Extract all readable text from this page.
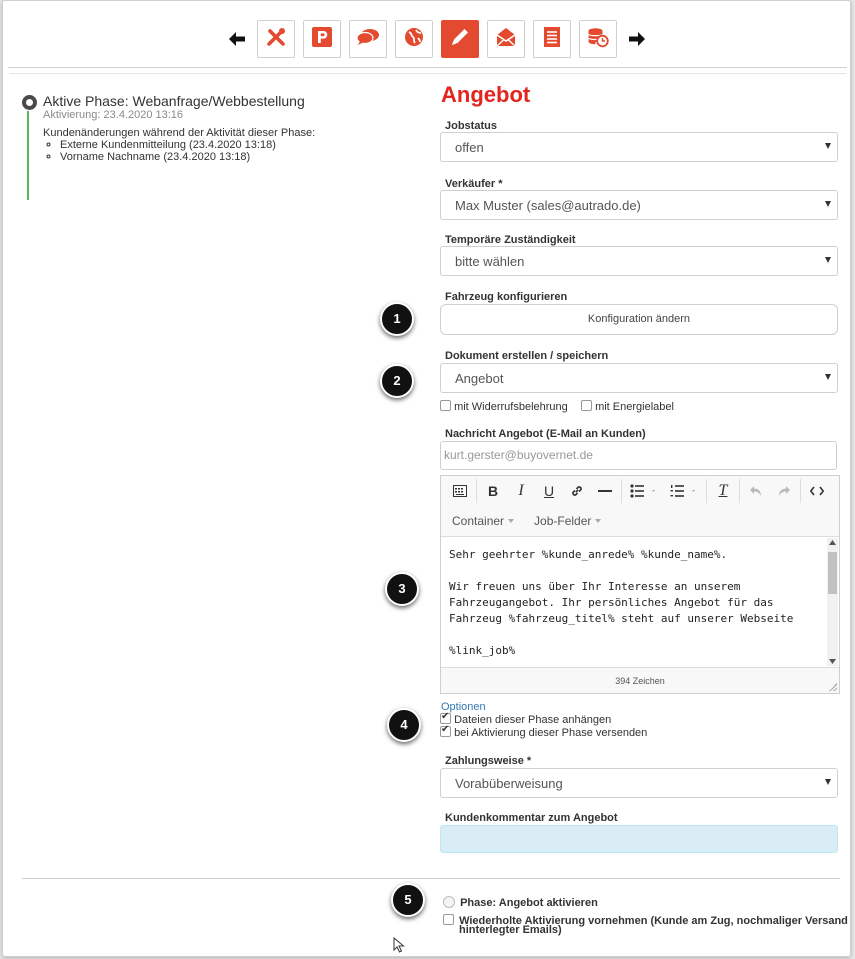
Aktive Phase: Webanfrage/Webbestellung
Aktivierung: 23.4.2020 13:16
Kundenänderungen während der Aktivität dieser Phase:
◦ Externe Kundenmitteilung (23.4.2020 13:18)
◦ Vorname Nachname (23.4.2020 13:18)
Angebot
Jobstatus
offen
Verkäufer *
Max Muster (sales@autrado.de)
Temporäre Zuständigkeit
bitte wählen
Fahrzeug konfigurieren
Konfiguration ändern
Dokument erstellen / speichern
Angebot
mit Widerrufsbelehrung	mit Energielabel
Nachricht Angebot (E-Mail an Kunden)
kurt.gerster@buyovernet.de
B	I	U	T
Container	Job-Felder

Sehr geehrter %kunde_anrede% %kunde_name%.

Wir freuen uns über Ihr Interesse an unserem Fahrzeugangebot. Ihr persönliches Angebot für das Fahrzeug %fahrzeug_titel% steht auf unserer Webseite

%link_job%

394 Zeichen
Optionen
✔ Dateien dieser Phase anhängen
✔ bei Aktivierung dieser Phase versenden
Zahlungsweise *
Vorabüberweisung
Kundenkommentar zum Angebot
Phase: Angebot aktivieren
Wiederholte Aktivierung vornehmen (Kunde am Zug, nochmaliger Versand
hinterlegter Emails)
1
2
3
4
5
